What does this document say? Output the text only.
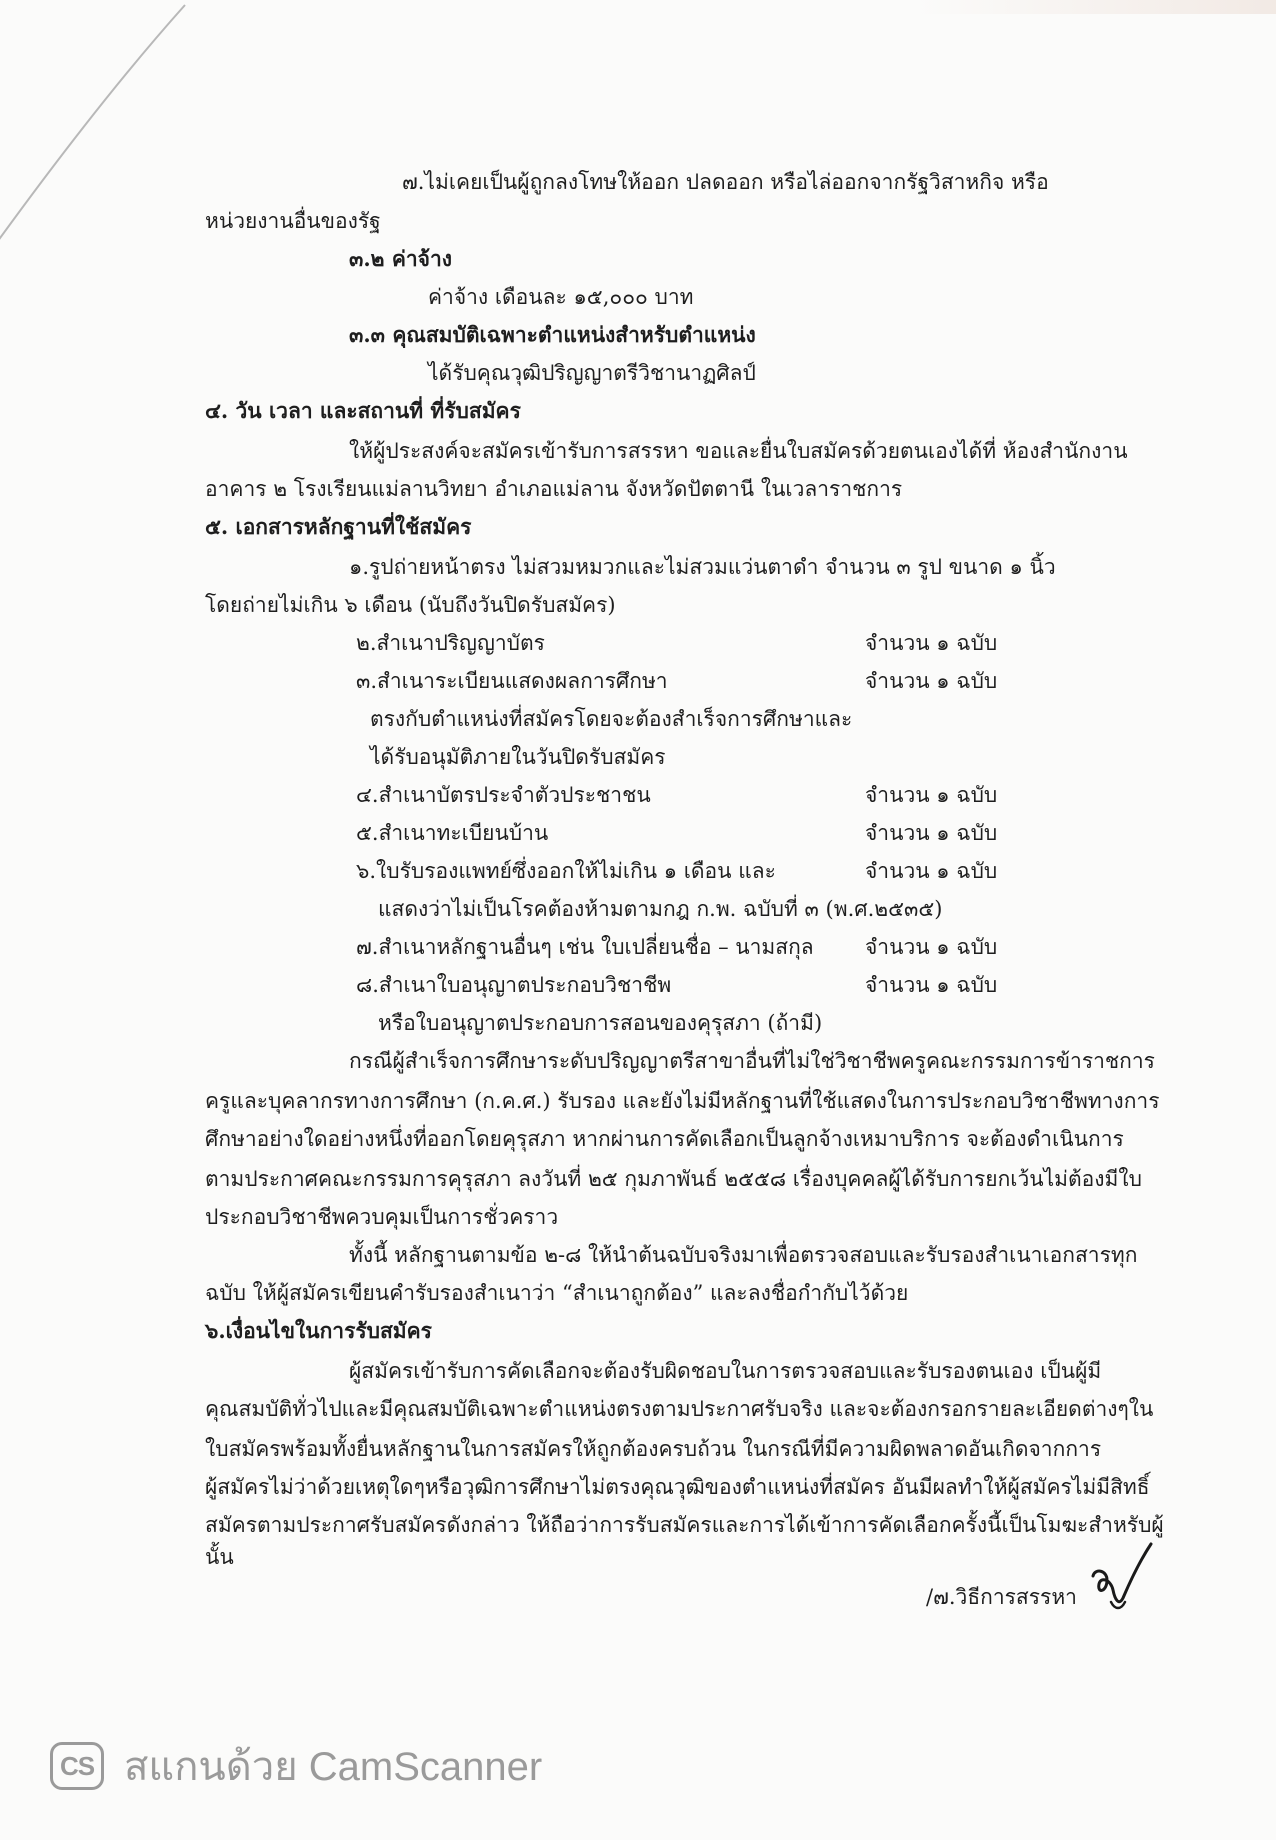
๗.ไม่เคยเป็นผู้ถูกลงโทษให้ออก ปลดออก หรือไล่ออกจากรัฐวิสาหกิจ หรือ
หน่วยงานอื่นของรัฐ
๓.๒ ค่าจ้าง
ค่าจ้าง เดือนละ ๑๕,๐๐๐ บาท
๓.๓ คุณสมบัติเฉพาะตำแหน่งสำหรับตำแหน่ง
ได้รับคุณวุฒิปริญญาตรีวิชานาฏศิลป์
๔. วัน เวลา และสถานที่ ที่รับสมัคร
ให้ผู้ประสงค์จะสมัครเข้ารับการสรรหา ขอและยื่นใบสมัครด้วยตนเองได้ที่ ห้องสำนักงาน
อาคาร ๒ โรงเรียนแม่ลานวิทยา อำเภอแม่ลาน จังหวัดปัตตานี ในเวลาราชการ
๕. เอกสารหลักฐานที่ใช้สมัคร
๑.รูปถ่ายหน้าตรง ไม่สวมหมวกและไม่สวมแว่นตาดำ จำนวน ๓ รูป ขนาด ๑ นิ้ว
โดยถ่ายไม่เกิน ๖ เดือน (นับถึงวันปิดรับสมัคร)
๒.สำเนาปริญญาบัตร	จำนวน ๑ ฉบับ
๓.สำเนาระเบียนแสดงผลการศึกษา	จำนวน ๑ ฉบับ
ตรงกับตำแหน่งที่สมัครโดยจะต้องสำเร็จการศึกษาและ
ได้รับอนุมัติภายในวันปิดรับสมัคร
๔.สำเนาบัตรประจำตัวประชาชน	จำนวน ๑ ฉบับ
๕.สำเนาทะเบียนบ้าน	จำนวน ๑ ฉบับ
๖.ใบรับรองแพทย์ซึ่งออกให้ไม่เกิน ๑ เดือน และ	จำนวน ๑ ฉบับ
แสดงว่าไม่เป็นโรคต้องห้ามตามกฎ ก.พ. ฉบับที่ ๓ (พ.ศ.๒๕๓๕)
๗.สำเนาหลักฐานอื่นๆ เช่น ใบเปลี่ยนชื่อ – นามสกุล จำนวน ๑ ฉบับ
๘.สำเนาใบอนุญาตประกอบวิชาชีพ	จำนวน ๑ ฉบับ
หรือใบอนุญาตประกอบการสอนของคุรุสภา (ถ้ามี)
กรณีผู้สำเร็จการศึกษาระดับปริญญาตรีสาขาอื่นที่ไม่ใช่วิชาชีพครูคณะกรรมการข้าราชการ
ครูและบุคลากรทางการศึกษา (ก.ค.ศ.) รับรอง และยังไม่มีหลักฐานที่ใช้แสดงในการประกอบวิชาชีพทางการ
ศึกษาอย่างใดอย่างหนึ่งที่ออกโดยคุรุสภา หากผ่านการคัดเลือกเป็นลูกจ้างเหมาบริการ จะต้องดำเนินการ
ตามประกาศคณะกรรมการคุรุสภา ลงวันที่ ๒๕ กุมภาพันธ์ ๒๕๕๘ เรื่องบุคคลผู้ได้รับการยกเว้นไม่ต้องมีใบ
ประกอบวิชาชีพควบคุมเป็นการชั่วคราว
ทั้งนี้ หลักฐานตามข้อ ๒-๘ ให้นำต้นฉบับจริงมาเพื่อตรวจสอบและรับรองสำเนาเอกสารทุก
ฉบับ ให้ผู้สมัครเขียนคำรับรองสำเนาว่า “สำเนาถูกต้อง” และลงชื่อกำกับไว้ด้วย
๖.เงื่อนไขในการรับสมัคร
ผู้สมัครเข้ารับการคัดเลือกจะต้องรับผิดชอบในการตรวจสอบและรับรองตนเอง เป็นผู้มี
คุณสมบัติทั่วไปและมีคุณสมบัติเฉพาะตำแหน่งตรงตามประกาศรับจริง และจะต้องกรอกรายละเอียดต่างๆใน
ใบสมัครพร้อมทั้งยื่นหลักฐานในการสมัครให้ถูกต้องครบถ้วน ในกรณีที่มีความผิดพลาดอันเกิดจากการ
ผู้สมัครไม่ว่าด้วยเหตุใดๆหรือวุฒิการศึกษาไม่ตรงคุณวุฒิของตำแหน่งที่สมัคร อันมีผลทำให้ผู้สมัครไม่มีสิทธิ์
สมัครตามประกาศรับสมัครดังกล่าว ให้ถือว่าการรับสมัครและการได้เข้าการคัดเลือกครั้งนี้เป็นโมฆะสำหรับผู้
นั้น
/๗.วิธีการสรรหา
CS สแกนด้วย CamScanner
